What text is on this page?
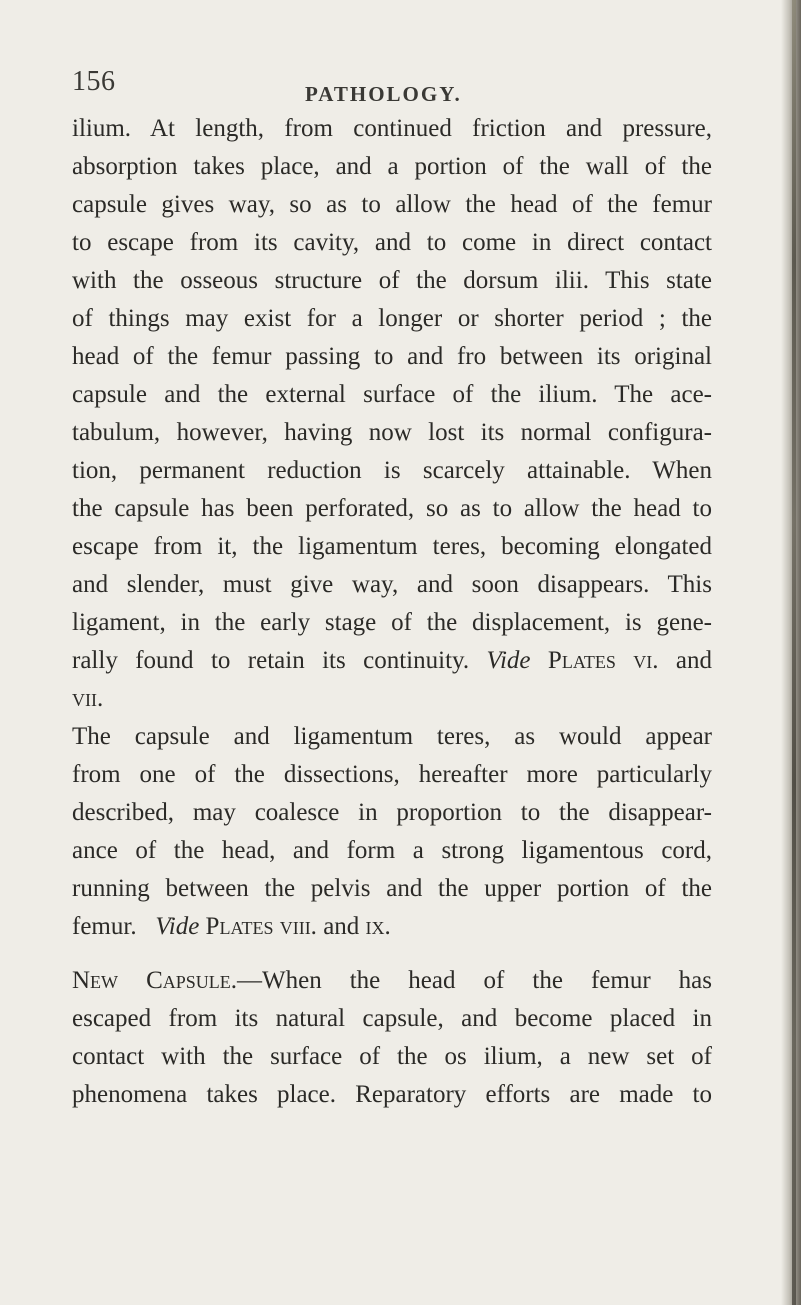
156	PATHOLOGY.
ilium. At length, from continued friction and pressure,
absorption takes place, and a portion of the wall of the
capsule gives way, so as to allow the head of the femur
to escape from its cavity, and to come in direct contact
with the osseous structure of the dorsum ilii. This state
of things may exist for a longer or shorter period ; the
head of the femur passing to and fro between its original
capsule and the external surface of the ilium. The ace-
tabulum, however, having now lost its normal configura-
tion, permanent reduction is scarcely attainable. When
the capsule has been perforated, so as to allow the head to
escape from it, the ligamentum teres, becoming elongated
and slender, must give way, and soon disappears. This
ligament, in the early stage of the displacement, is gene-
rally found to retain its continuity. Vide Plates vi. and
vii.
The capsule and ligamentum teres, as would appear
from one of the dissections, hereafter more particularly
described, may coalesce in proportion to the disappear-
ance of the head, and form a strong ligamentous cord,
running between the pelvis and the upper portion of the
femur.   Vide Plates viii. and ix.
New Capsule.—When the head of the femur has
escaped from its natural capsule, and become placed in
contact with the surface of the os ilium, a new set of
phenomena takes place. Reparatory efforts are made to
